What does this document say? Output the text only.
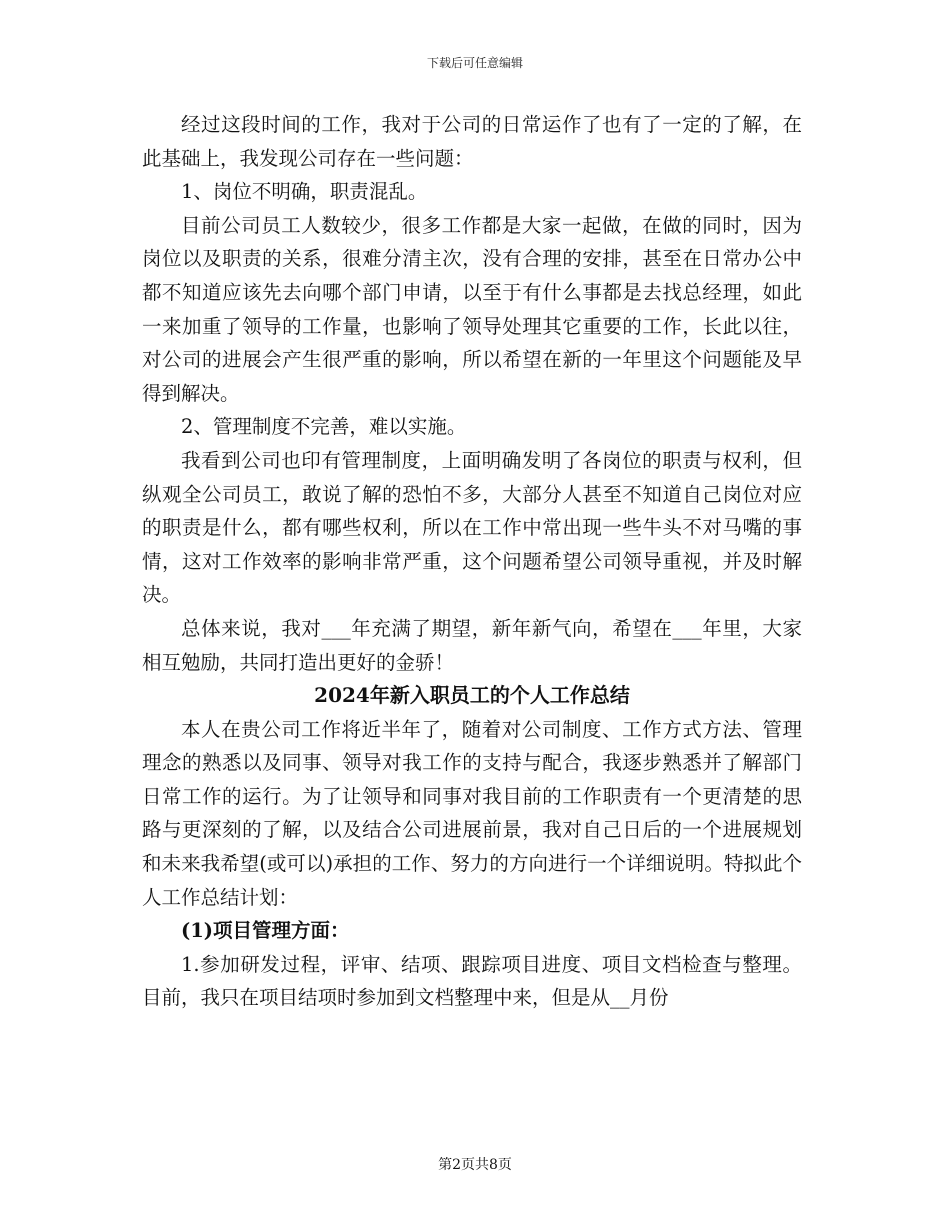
下载后可任意编辑

经过这段时间的工作，我对于公司的日常运作了也有了一定的了解，在此基础上，我发现公司存在一些问题：

1、岗位不明确，职责混乱。

目前公司员工人数较少，很多工作都是大家一起做，在做的同时，因为岗位以及职责的关系，很难分清主次，没有合理的安排，甚至在日常办公中都不知道应该先去向哪个部门申请，以至于有什么事都是去找总经理，如此一来加重了领导的工作量，也影响了领导处理其它重要的工作，长此以往，对公司的进展会产生很严重的影响，所以希望在新的一年里这个问题能及早得到解决。

2、管理制度不完善，难以实施。

我看到公司也印有管理制度，上面明确发明了各岗位的职责与权利，但纵观全公司员工，敢说了解的恐怕不多，大部分人甚至不知道自己岗位对应的职责是什么，都有哪些权利，所以在工作中常出现一些牛头不对马嘴的事情，这对工作效率的影响非常严重，这个问题希望公司领导重视，并及时解决。

总体来说，我对___年充满了期望，新年新气向，希望在___年里，大家相互勉励，共同打造出更好的金骄！

2024年新入职员工的个人工作总结

本人在贵公司工作将近半年了，随着对公司制度、工作方式方法、管理理念的熟悉以及同事、领导对我工作的支持与配合，我逐步熟悉并了解部门日常工作的运行。为了让领导和同事对我目前的工作职责有一个更清楚的思路与更深刻的了解，以及结合公司进展前景，我对自己日后的一个进展规划和未来我希望(或可以)承担的工作、努力的方向进行一个详细说明。特拟此个人工作总结计划：

(1)项目管理方面：

1.参加研发过程，评审、结项、跟踪项目进度、项目文档检查与整理。目前，我只在项目结项时参加到文档整理中来，但是从__月份

第2页共8页
